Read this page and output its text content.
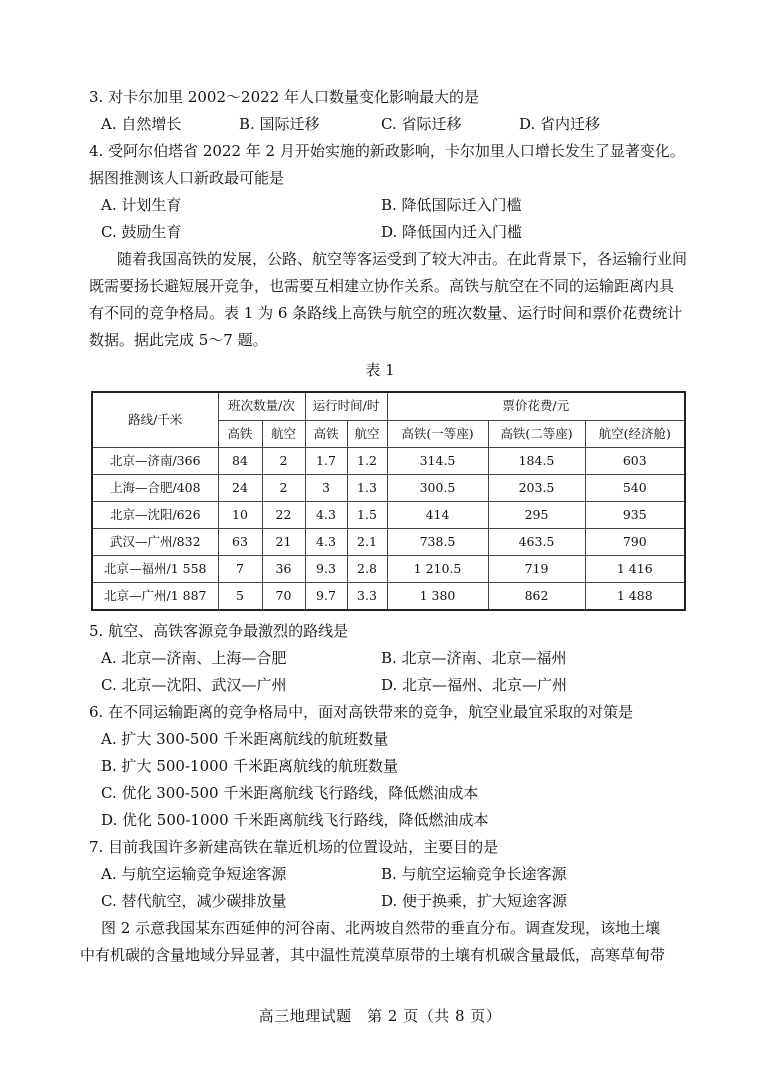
3. 对卡尔加里 2002～2022 年人口数量变化影响最大的是
A. 自然增长	B. 国际迁移	C. 省际迁移	D. 省内迁移
4. 受阿尔伯塔省 2022 年 2 月开始实施的新政影响，卡尔加里人口增长发生了显著变化。
据图推测该人口新政最可能是
A. 计划生育	B. 降低国际迁入门槛
C. 鼓励生育	D. 降低国内迁入门槛
随着我国高铁的发展，公路、航空等客运受到了较大冲击。在此背景下，各运输行业间
既需要扬长避短展开竞争，也需要互相建立协作关系。高铁与航空在不同的运输距离内具
有不同的竞争格局。表 1 为 6 条路线上高铁与航空的班次数量、运行时间和票价花费统计
数据。据此完成 5～7 题。
表 1
路线/千米	班次数量/次		运行时间/时		票价花费/元		
	高铁	航空	高铁	航空	高铁(一等座)	高铁(二等座)	航空(经济舱)
北京—济南/366	84	2	1.7	1.2	314.5	184.5	603
上海—合肥/408	24	2	3	1.3	300.5	203.5	540
北京—沈阳/626	10	22	4.3	1.5	414	295	935
武汉—广州/832	63	21	4.3	2.1	738.5	463.5	790
北京—福州/1 558	7	36	9.3	2.8	1 210.5	719	1 416
北京—广州/1 887	5	70	9.7	3.3	1 380	862	1 488
5. 航空、高铁客源竞争最激烈的路线是
A. 北京—济南、上海—合肥	B. 北京—济南、北京—福州
C. 北京—沈阳、武汉—广州	D. 北京—福州、北京—广州
6. 在不同运输距离的竞争格局中，面对高铁带来的竞争，航空业最宜采取的对策是
A. 扩大 300-500 千米距离航线的航班数量
B. 扩大 500-1000 千米距离航线的航班数量
C. 优化 300-500 千米距离航线飞行路线，降低燃油成本
D. 优化 500-1000 千米距离航线飞行路线，降低燃油成本
7. 目前我国许多新建高铁在靠近机场的位置设站，主要目的是
A. 与航空运输竞争短途客源	B. 与航空运输竞争长途客源
C. 替代航空，减少碳排放量	D. 便于换乘，扩大短途客源
图 2 示意我国某东西延伸的河谷南、北两坡自然带的垂直分布。调查发现，该地土壤
中有机碳的含量地域分异显著，其中温性荒漠草原带的土壤有机碳含量最低，高寒草甸带
高三地理试题　第 2 页（共 8 页）
